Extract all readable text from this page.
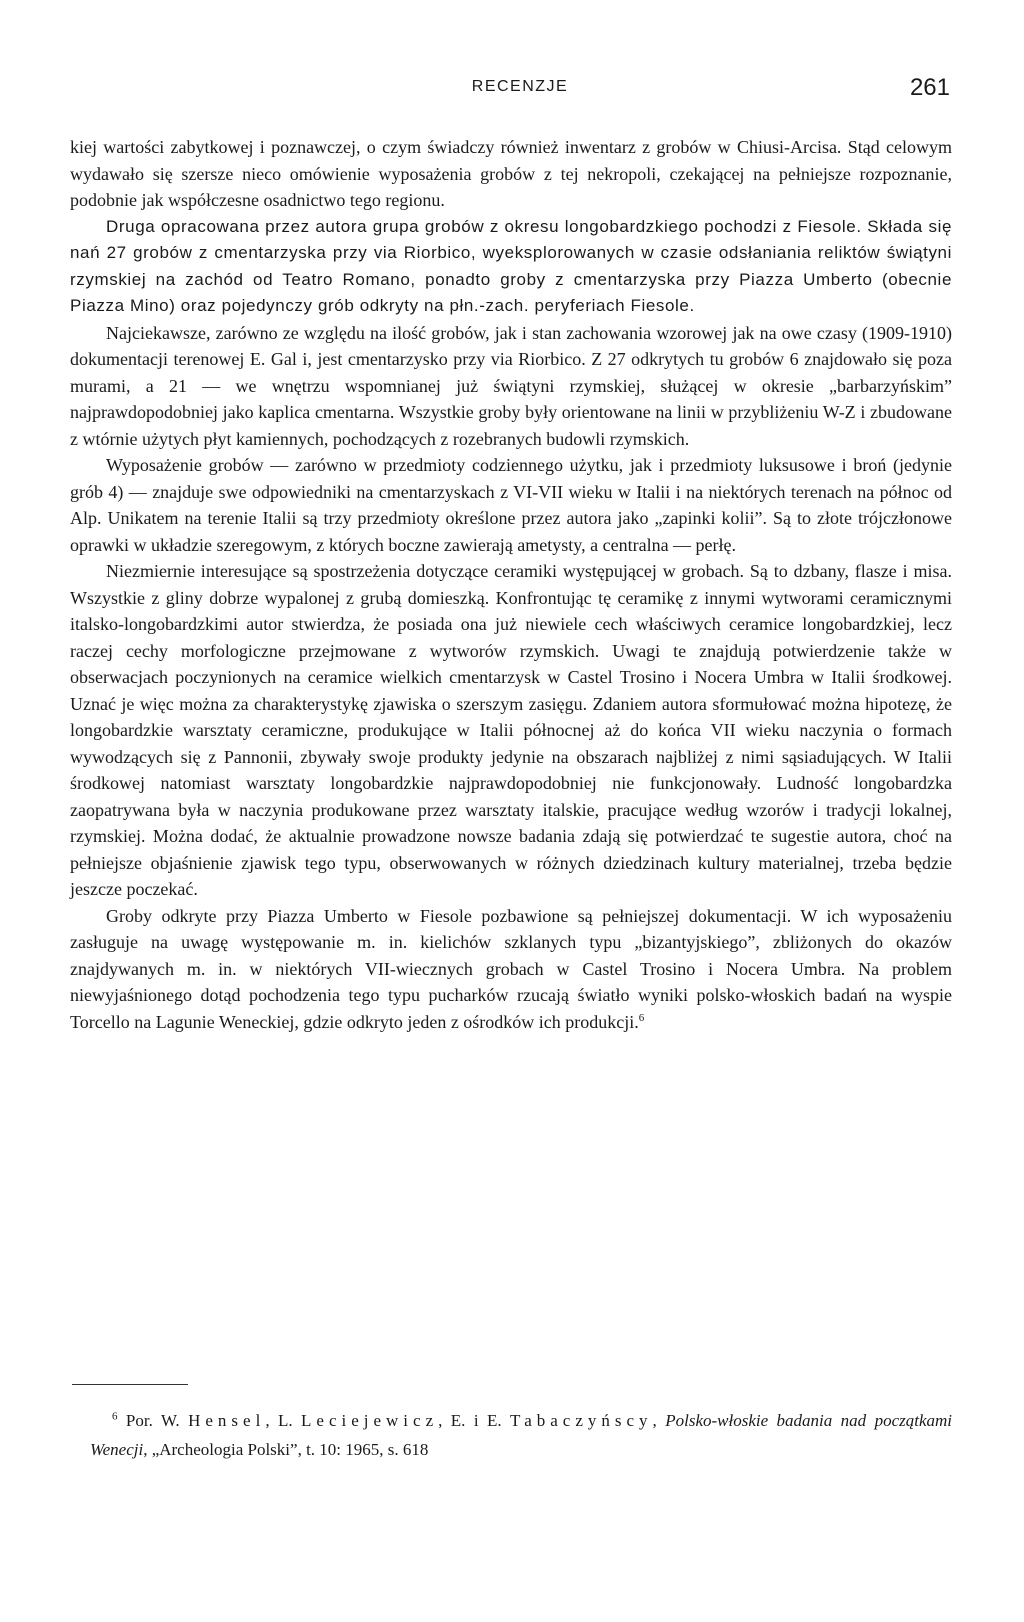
RECENZJE	261

kiej wartości zabytkowej i poznawczej, o czym świadczy również inwentarz z grobów w Chiusi-Arcisa. Stąd celowym wydawało się szersze nieco omówienie wyposażenia grobów z tej nekropoli, czekającej na pełniejsze rozpoznanie, podobnie jak współczesne osadnictwo tego regionu.

Druga opracowana przez autora grupa grobów z okresu longobardzkiego pochodzi z Fiesole. Składa się nań 27 grobów z cmentarzyska przy via Riorbico, wyeksplorowanych w czasie odsłaniania reliktów świątyni rzymskiej na zachód od Teatro Romano, ponadto groby z cmentarzyska przy Piazza Umberto (obecnie Piazza Mino) oraz pojedynczy grób odkryty na płn.-zach. peryferiach Fiesole.

Najciekawsze, zarówno ze względu na ilość grobów, jak i stan zachowania wzorowej jak na owe czasy (1909-1910) dokumentacji terenowej E. Gal i, jest cmentarzysko przy via Riorbico. Z 27 odkrytych tu grobów 6 znajdowało się poza murami, a 21 — we wnętrzu wspomnianej już świątyni rzymskiej, służącej w okresie „barbarzyńskim” najprawdopodobniej jako kaplica cmentarna. Wszystkie groby były orientowane na linii w przybliżeniu W-Z i zbudowane z wtórnie użytych płyt kamiennych, pochodzących z rozebranych budowli rzymskich.

Wyposażenie grobów — zarówno w przedmioty codziennego użytku, jak i przedmioty luksusowe i broń (jedynie grób 4) — znajduje swe odpowiedniki na cmentarzyskach z VI-VII wieku w Italii i na niektórych terenach na północ od Alp. Unikatem na terenie Italii są trzy przedmioty określone przez autora jako „zapinki kolii”. Są to złote trójczłonowe oprawki w układzie szeregowym, z których boczne zawierają ametysty, a centralna — perłę.

Niezmiernie interesujące są spostrzeżenia dotyczące ceramiki występującej w grobach. Są to dzbany, flasze i misa. Wszystkie z gliny dobrze wypalonej z grubą domieszką. Konfrontując tę ceramikę z innymi wytworami ceramicznymi italsko-longobardzkimi autor stwierdza, że posiada ona już niewiele cech właściwych ceramice longobardzkiej, lecz raczej cechy morfologiczne przejmowane z wytworów rzymskich. Uwagi te znajdują potwierdzenie także w obserwacjach poczynionych na ceramice wielkich cmentarzysk w Castel Trosino i Nocera Umbra w Italii środkowej. Uznać je więc można za charakterystykę zjawiska o szerszym zasięgu. Zdaniem autora sformułować można hipotezę, że longobardzkie warsztaty ceramiczne, produkujące w Italii północnej aż do końca VII wieku naczynia o formach wywodzących się z Pannonii, zbywały swoje produkty jedynie na obszarach najbliżej z nimi sąsiadujących. W Italii środkowej natomiast warsztaty longobardzkie najprawdopodobniej nie funkcjonowały. Ludność longobardzka zaopatrywana była w naczynia produkowane przez warsztaty italskie, pracujące według wzorów i tradycji lokalnej, rzymskiej. Można dodać, że aktualnie prowadzone nowsze badania zdają się potwierdzać te sugestie autora, choć na pełniejsze objaśnienie zjawisk tego typu, obserwowanych w różnych dziedzinach kultury materialnej, trzeba będzie jeszcze poczekać.

Groby odkryte przy Piazza Umberto w Fiesole pozbawione są pełniejszej dokumentacji. W ich wyposażeniu zasługuje na uwagę występowanie m. in. kielichów szklanych typu „bizantyjskiego”, zbliżonych do okazów znajdywanych m. in. w niektórych VII-wiecznych grobach w Castel Trosino i Nocera Umbra. Na problem niewyjaśnionego dotąd pochodzenia tego typu pucharków rzucają światło wyniki polsko-włoskich badań na wyspie Torcello na Lagunie Weneckiej, gdzie odkryto jeden z ośrodków ich produkcji.$^6$

$^6$ Por. W. Hensel, L. Leciejewicz, E. i E. Tabaczyńscy, Polsko-włoskie badania nad początkami Wenecji, „Archeologia Polski”, t. 10: 1965, s. 618
